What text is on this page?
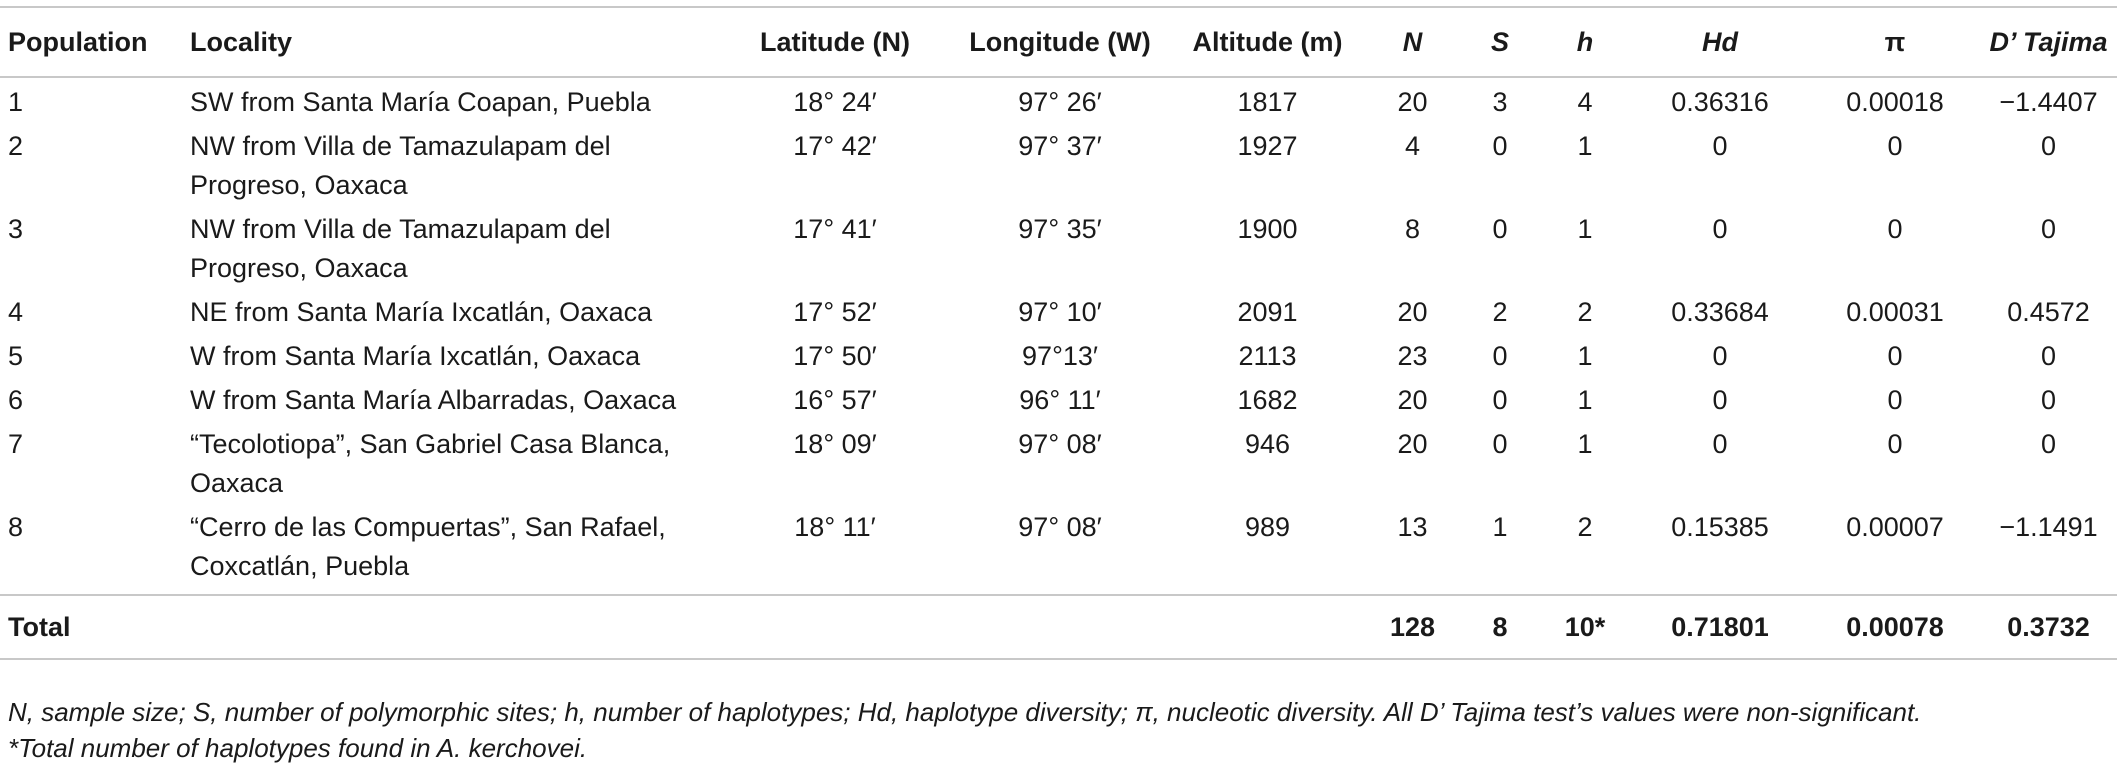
Population	Locality	Latitude (N)	Longitude (W)	Altitude (m)	N	S	h	Hd	π	D’ Tajima
1	SW from Santa María Coapan, Puebla	18° 24′	97° 26′	1817	20	3	4	0.36316	0.00018	−1.4407
2	NW from Villa de Tamazulapam del
Progreso, Oaxaca	17° 42′	97° 37′	1927	4	0	1	0	0	0
3	NW from Villa de Tamazulapam del
Progreso, Oaxaca	17° 41′	97° 35′	1900	8	0	1	0	0	0
4	NE from Santa María Ixcatlán, Oaxaca	17° 52′	97° 10′	2091	20	2	2	0.33684	0.00031	0.4572
5	W from Santa María Ixcatlán, Oaxaca	17° 50′	97°13′	2113	23	0	1	0	0	0
6	W from Santa María Albarradas, Oaxaca	16° 57′	96° 11′	1682	20	0	1	0	0	0
7	“Tecolotiopa”, San Gabriel Casa Blanca,
Oaxaca	18° 09′	97° 08′	946	20	0	1	0	0	0
8	“Cerro de las Compuertas”, San Rafael,
Coxcatlán, Puebla	18° 11′	97° 08′	989	13	1	2	0.15385	0.00007	−1.1491
Total					128	8	10*	0.71801	0.00078	0.3732
N, sample size; S, number of polymorphic sites; h, number of haplotypes; Hd, haplotype diversity; π, nucleotic diversity. All D’ Tajima test’s values were non-significant.
*Total number of haplotypes found in A. kerchovei.
